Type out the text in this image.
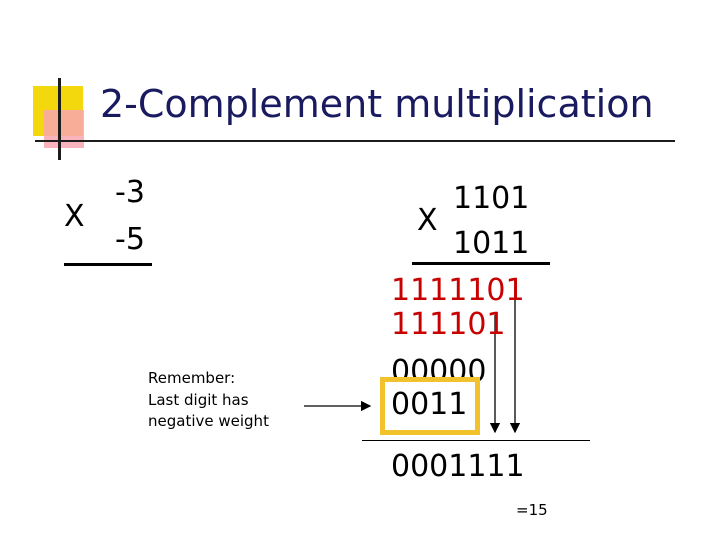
2-Complement multiplication
-3
X
-5
Remember:
Last digit has
negative weight
1101
X
1011
1111101
111101
00000
0011
0001111
=15
